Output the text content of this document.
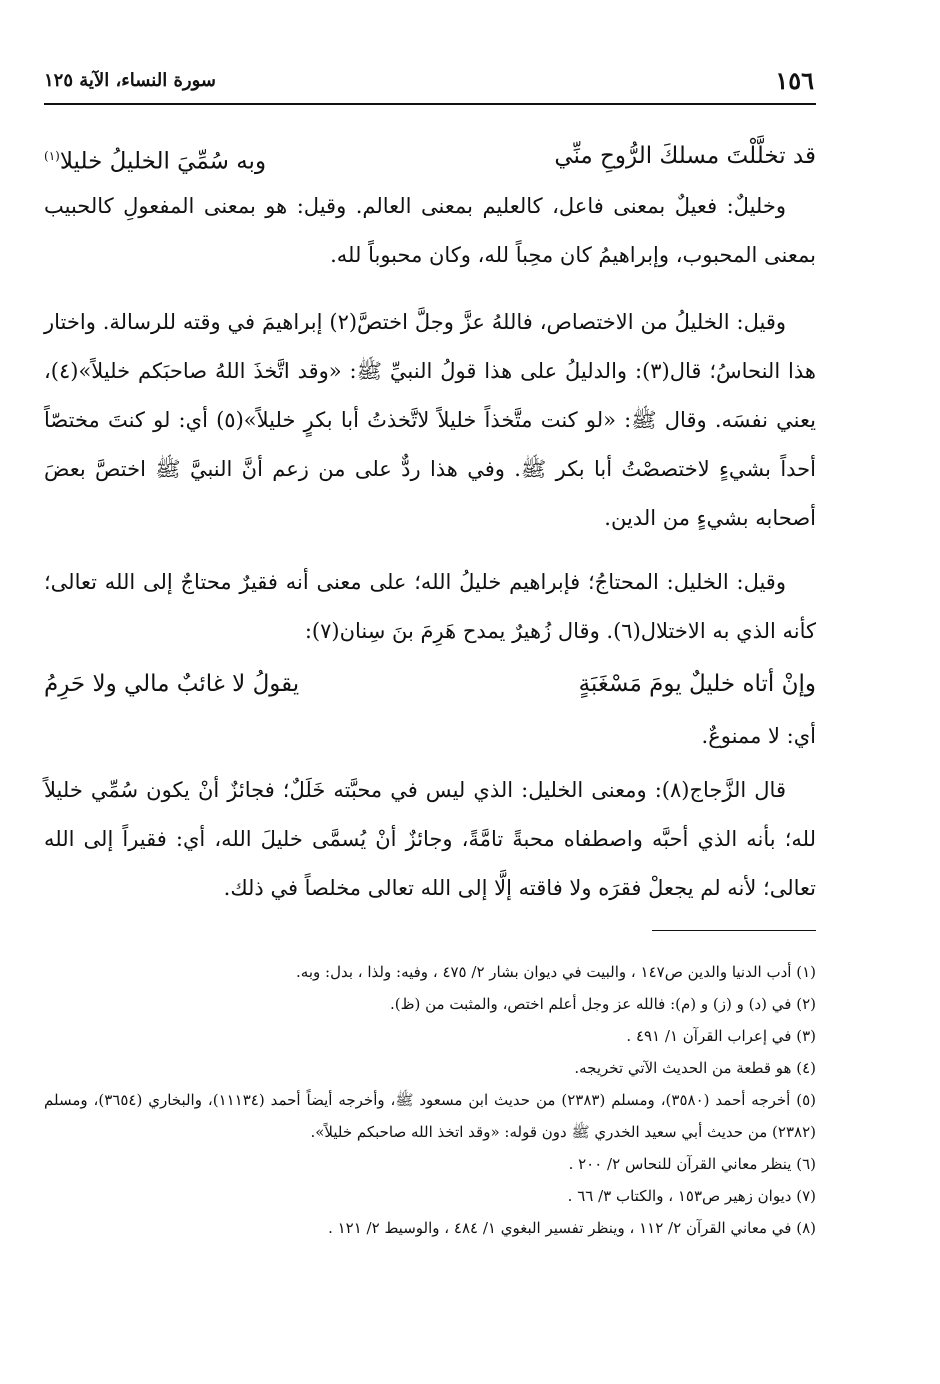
١٥٦
سورة النساء، الآية ١٢٥
قد تخلَّلْتَ مسلكَ الرُّوحِ منِّي
وبه سُمِّيَ الخليلُ خليلا$^{(١)}$

وخليلٌ: فعيلٌ بمعنى فاعل، كالعليم بمعنى العالم. وقيل: هو بمعنى المفعولِ كالحبيب بمعنى المحبوب، وإبراهيمُ كان محِباً لله، وكان محبوباً لله.

وقيل: الخليلُ من الاختصاص، فاللهُ عزَّ وجلَّ اختصَّ(٢) إبراهيمَ في وقته للرسالة. واختار هذا النحاسُ؛ قال(٣): والدليلُ على هذا قولُ النبيِّ ﷺ: «وقد اتَّخذَ اللهُ صاحبَكم خليلاً»(٤)، يعني نفسَه. وقال ﷺ: «لو كنت متَّخذاً خليلاً لاتَّخذتُ أبا بكرٍ خليلاً»(٥) أي: لو كنتَ مختصّاً أحداً بشيءٍ لاختصصْتُ أبا بكر ﷺ. وفي هذا ردٌّ على من زعم أنَّ النبيَّ ﷺ اختصَّ بعضَ أصحابه بشيءٍ من الدين.

وقيل: الخليل: المحتاجُ؛ فإبراهيم خليلُ الله؛ على معنى أنه فقيرٌ محتاجٌ إلى الله تعالى؛ كأنه الذي به الاختلال(٦). وقال زُهيرٌ يمدح هَرِمَ بنَ سِنان(٧):

وإنْ أتاه خليلٌ يومَ مَسْغَبَةٍ
يقولُ لا غائبٌ مالي ولا حَرِمُ
أي: لا ممنوعٌ.

قال الزَّجاج(٨): ومعنى الخليل: الذي ليس في محبَّته خَلَلٌ؛ فجائزٌ أنْ يكون سُمِّي خليلاً لله؛ بأنه الذي أحبَّه واصطفاه محبةً تامَّةً، وجائزٌ أنْ يُسمَّى خليلَ الله، أي: فقيراً إلى الله تعالى؛ لأنه لم يجعلْ فقرَه ولا فاقته إلَّا إلى الله تعالى مخلصاً في ذلك.

(١) أدب الدنيا والدين ص١٤٧ ، والبيت في ديوان بشار ٢/ ٤٧٥ ، وفيه: ولذا ، بدل: وبه.

(٢) في (د) و (ز) و (م): فالله عز وجل أعلم اختص، والمثبت من (ظ).

(٣) في إعراب القرآن ١/ ٤٩١ .

(٤) هو قطعة من الحديث الآتي تخريجه.

(٥) أخرجه أحمد (٣٥٨٠)، ومسلم (٢٣٨٣) من حديث ابن مسعود ﷺ، وأخرجه أيضاً أحمد (١١١٣٤)، والبخاري (٣٦٥٤)، ومسلم (٢٣٨٢) من حديث أبي سعيد الخدري ﷺ دون قوله: «وقد اتخذ الله صاحبكم خليلاً».

(٦) ينظر معاني القرآن للنحاس ٢/ ٢٠٠ .

(٧) ديوان زهير ص١٥٣ ، والكتاب ٣/ ٦٦ .

(٨) في معاني القرآن ٢/ ١١٢ ، وينظر تفسير البغوي ١/ ٤٨٤ ، والوسيط ٢/ ١٢١ .
